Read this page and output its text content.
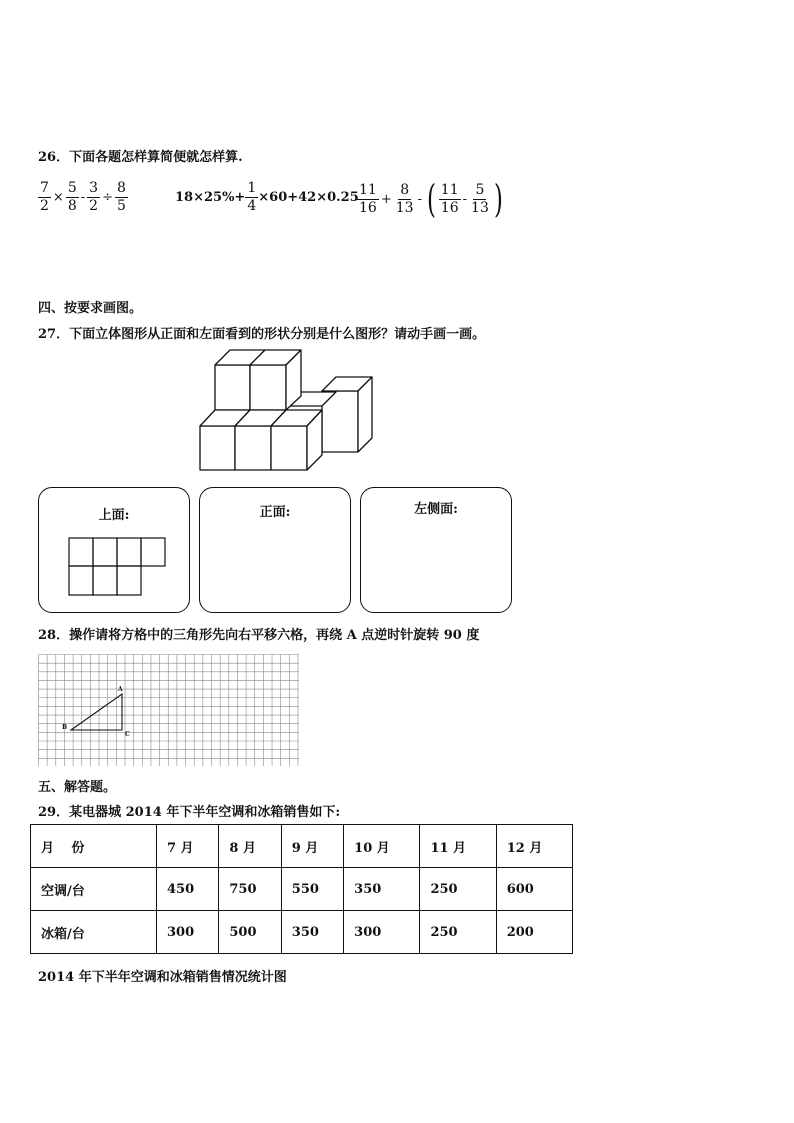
26．下面各题怎样算简便就怎样算.
$\frac{7}{2} \times \frac{5}{8} - \frac{3}{2} \div \frac{8}{5}$	$18\times 25\%+ \frac{1}{4} \times 60+42\times 0.25$
$\frac{11}{16} + \frac{8}{13}$ - ( $\frac{11}{16} - \frac{5}{13}$ )
四、按要求画图。
27．下面立体图形从正面和左面看到的形状分别是什么图形？请动手画一画。
上面:	正面:	左侧面:
28．操作请将方格中的三角形先向右平移六格，再绕 A 点逆时针旋转 90 度
A
B
C
五、解答题。
29．某电器城 2014 年下半年空调和冰箱销售如下:
月　 份	7 月	8 月	9 月	10 月	11 月	12 月
空调/台	450	750	550	350	250	600
冰箱/台	300	500	350	300	250	200
2014 年下半年空调和冰箱销售情况统计图
